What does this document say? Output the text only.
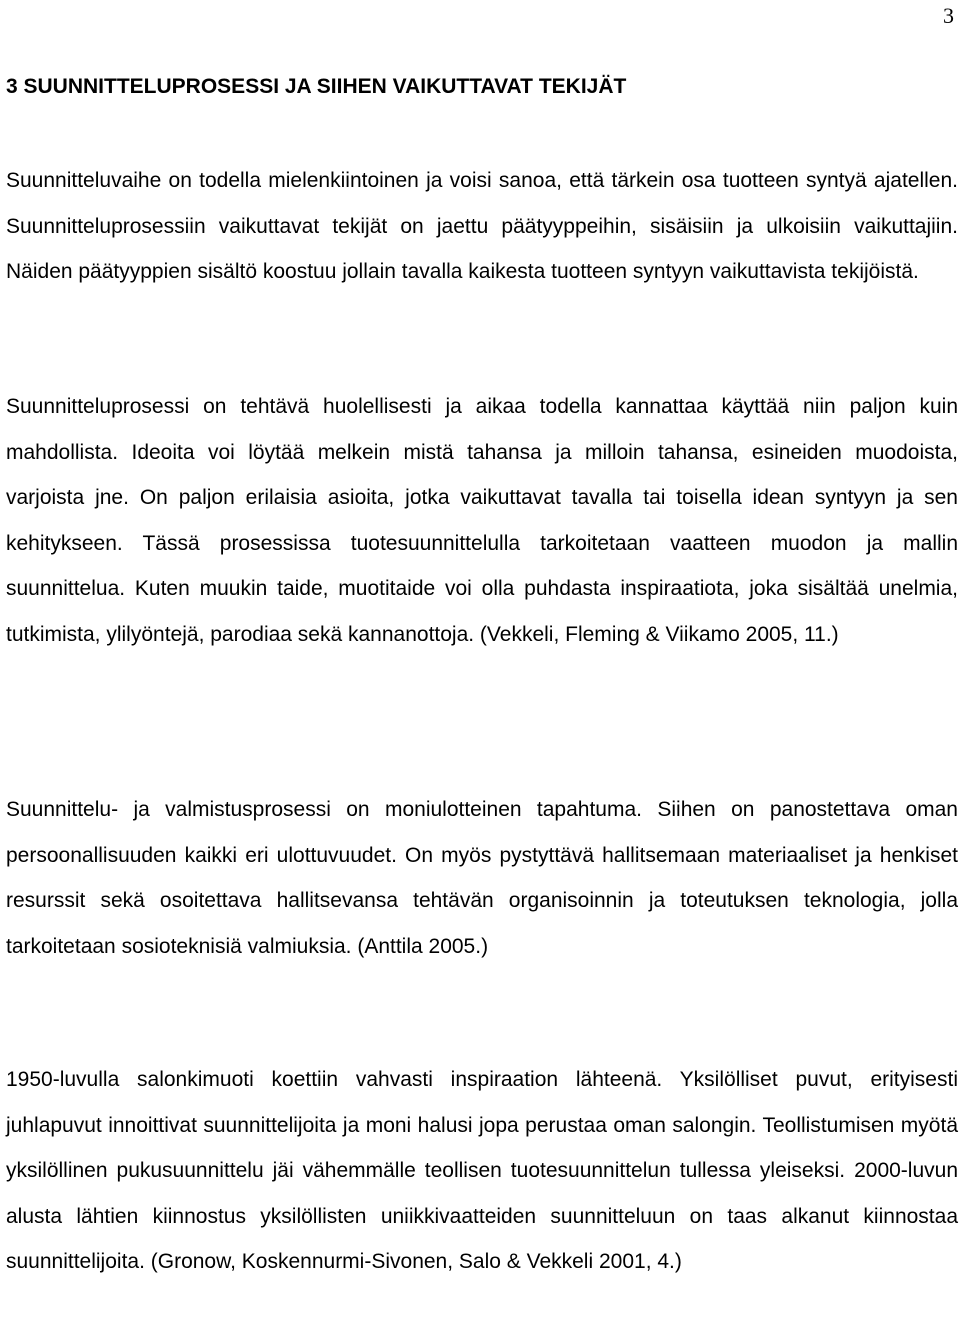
3
3 SUUNNITTELUPROSESSI JA SIIHEN VAIKUTTAVAT TEKIJÄT

Suunnitteluvaihe on todella mielenkiintoinen ja voisi sanoa, että tärkein osa tuotteen syntyä ajatellen. Suunnitteluprosessiin vaikuttavat tekijät on jaettu päätyyppeihin, sisäisiin ja ulkoisiin vaikuttajiin. Näiden päätyyppien sisältö koostuu jollain tavalla kaikesta tuotteen syntyyn vaikuttavista tekijöistä.

Suunnitteluprosessi on tehtävä huolellisesti ja aikaa todella kannattaa käyttää niin paljon kuin mahdollista. Ideoita voi löytää melkein mistä tahansa ja milloin tahansa, esineiden muodoista, varjoista jne. On paljon erilaisia asioita, jotka vaikuttavat tavalla tai toisella idean syntyyn ja sen kehitykseen. Tässä prosessissa tuotesuunnittelulla tarkoitetaan vaatteen muodon ja mallin suunnittelua. Kuten muukin taide, muotitaide voi olla puhdasta inspiraatiota, joka sisältää unelmia, tutkimista, ylilyöntejä, parodiaa sekä kannanottoja. (Vekkeli, Fleming & Viikamo 2005, 11.)

Suunnittelu- ja valmistusprosessi on moniulotteinen tapahtuma. Siihen on panostettava oman persoonallisuuden kaikki eri ulottuvuudet. On myös pystyttävä hallitsemaan materiaaliset ja henkiset resurssit sekä osoitettava hallitsevansa tehtävän organisoinnin ja toteutuksen teknologia, jolla tarkoitetaan sosioteknisiä valmiuksia. (Anttila 2005.)

1950-luvulla salonkimuoti koettiin vahvasti inspiraation lähteenä. Yksilölliset puvut, erityisesti juhlapuvut innoittivat suunnittelijoita ja moni halusi jopa perustaa oman salongin. Teollistumisen myötä yksilöllinen pukusuunnittelu jäi vähemmälle teollisen tuotesuunnittelun tullessa yleiseksi. 2000-luvun alusta lähtien kiinnostus yksilöllisten uniikkivaatteiden suunnitteluun on taas alkanut kiinnostaa suunnittelijoita. (Gronow, Koskennurmi-Sivonen, Salo & Vekkeli 2001, 4.)
